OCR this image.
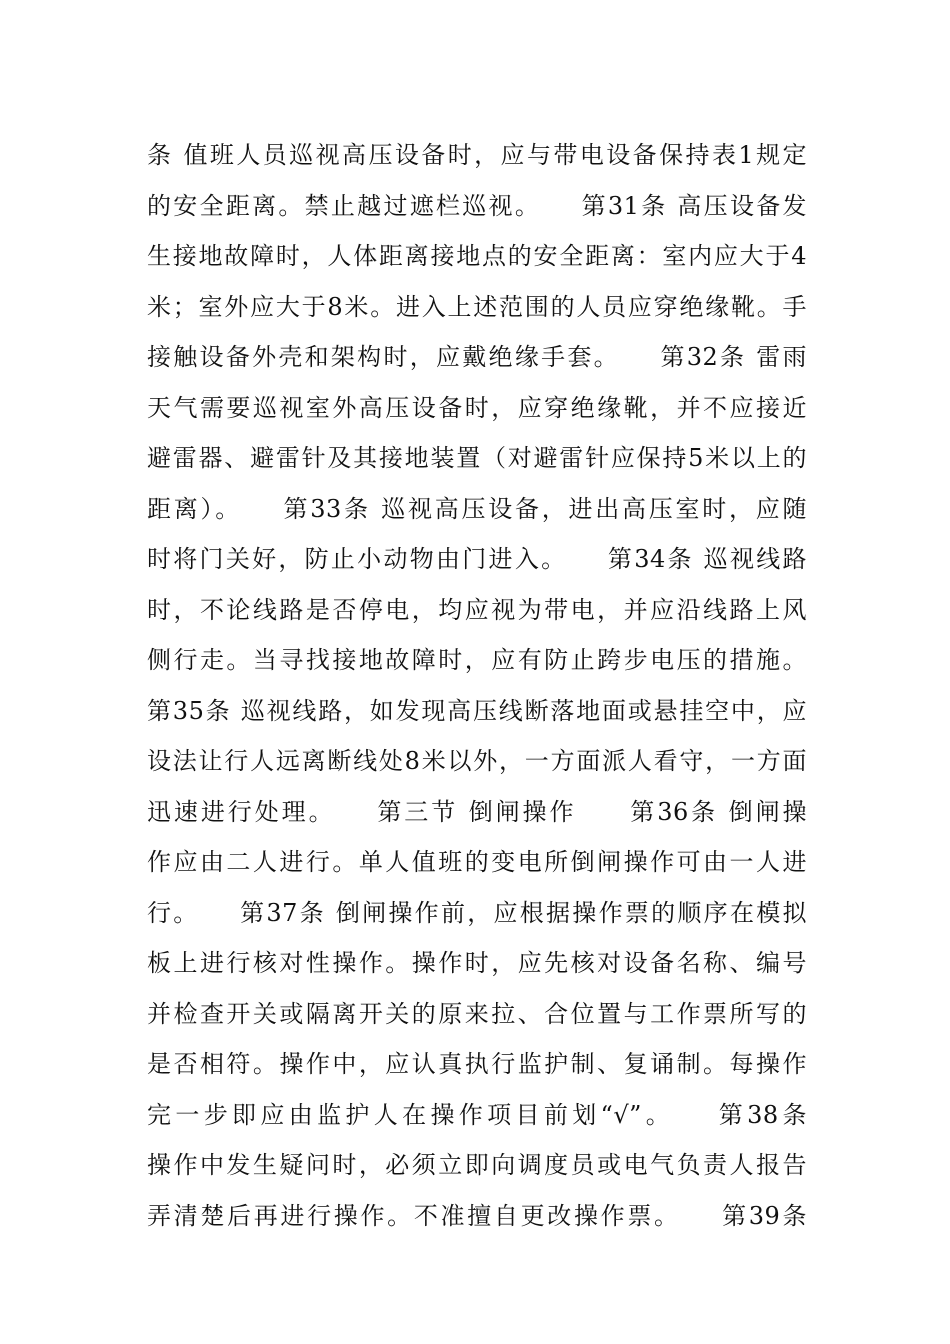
条 值班人员巡视高压设备时，应与带电设备保持表1规定
的安全距离。禁止越过遮栏巡视。　　第31条 高压设备发
生接地故障时，人体距离接地点的安全距离：室内应大于4
米；室外应大于8米。进入上述范围的人员应穿绝缘靴。手
接触设备外壳和架构时，应戴绝缘手套。　　第32条 雷雨
天气需要巡视室外高压设备时，应穿绝缘靴，并不应接近
避雷器、避雷针及其接地装置（对避雷针应保持5米以上的
距离）。　　第33条 巡视高压设备，进出高压室时，应随
时将门关好，防止小动物由门进入。　　第34条 巡视线路
时，不论线路是否停电，均应视为带电，并应沿线路上风
侧行走。当寻找接地故障时，应有防止跨步电压的措施。
第35条 巡视线路，如发现高压线断落地面或悬挂空中，应
设法让行人远离断线处8米以外，一方面派人看守，一方面
迅速进行处理。　　第三节 倒闸操作　　第36条 倒闸操
作应由二人进行。单人值班的变电所倒闸操作可由一人进
行。　　第37条 倒闸操作前，应根据操作票的顺序在模拟
板上进行核对性操作。操作时，应先核对设备名称、编号
并检查开关或隔离开关的原来拉、合位置与工作票所写的
是否相符。操作中，应认真执行监护制、复诵制。每操作
完一步即应由监护人在操作项目前划“√”。　　第38条
操作中发生疑问时，必须立即向调度员或电气负责人报告
弄清楚后再进行操作。不准擅自更改操作票。　　第39条
